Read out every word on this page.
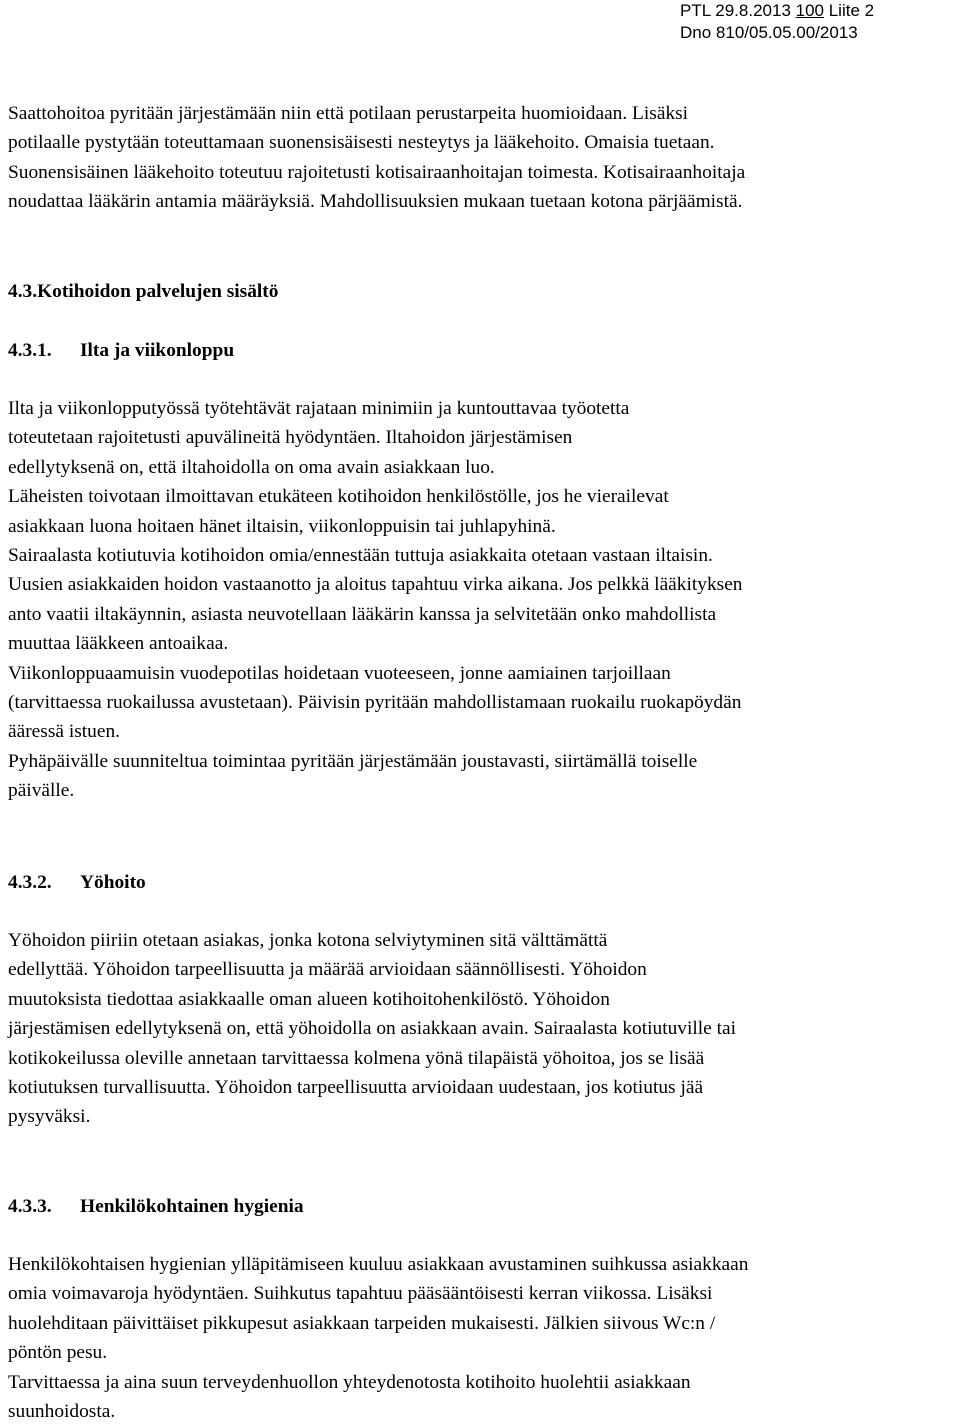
PTL 29.8.2013 100 Liite 2
Dno 810/05.05.00/2013
Saattohoitoa pyritään järjestämään niin että potilaan perustarpeita huomioidaan. Lisäksi
potilaalle pystytään toteuttamaan suonensisäisesti nesteytys ja lääkehoito. Omaisia tuetaan.
Suonensisäinen lääkehoito toteutuu rajoitetusti kotisairaanhoitajan toimesta. Kotisairaanhoitaja
noudattaa lääkärin antamia määräyksiä. Mahdollisuuksien mukaan tuetaan kotona pärjäämistä.
4.3.Kotihoidon palvelujen sisältö
4.3.1. Ilta ja viikonloppu
Ilta ja viikonlopputyössä työtehtävät rajataan minimiin ja kuntouttavaa työotetta
toteutetaan rajoitetusti apuvälineitä hyödyntäen. Iltahoidon järjestämisen
edellytyksenä on, että iltahoidolla on oma avain asiakkaan luo.
Läheisten toivotaan ilmoittavan etukäteen kotihoidon henkilöstölle, jos he vierailevat
asiakkaan luona hoitaen hänet iltaisin, viikonloppuisin tai juhlapyhinä.
Sairaalasta kotiutuvia kotihoidon omia/ennestään tuttuja asiakkaita otetaan vastaan iltaisin.
Uusien asiakkaiden hoidon vastaanotto ja aloitus tapahtuu virka aikana. Jos pelkkä lääkityksen
anto vaatii iltakäynnin, asiasta neuvotellaan lääkärin kanssa ja selvitetään onko mahdollista
muuttaa lääkkeen antoaikaa.
Viikonloppuaamuisin vuodepotilas hoidetaan vuoteeseen, jonne aamiainen tarjoillaan
(tarvittaessa ruokailussa avustetaan). Päivisin pyritään mahdollistamaan ruokailu ruokapöydän
ääressä istuen.
Pyhäpäivälle suunniteltua toimintaa pyritään järjestämään joustavasti, siirtämällä toiselle
päivälle.
4.3.2. Yöhoito
Yöhoidon piiriin otetaan asiakas, jonka kotona selviytyminen sitä välttämättä
edellyttää. Yöhoidon tarpeellisuutta ja määrää arvioidaan säännöllisesti. Yöhoidon
muutoksista tiedottaa asiakkaalle oman alueen kotihoitohenkilöstö. Yöhoidon
järjestämisen edellytyksenä on, että yöhoidolla on asiakkaan avain. Sairaalasta kotiutuville tai
kotikokeilussa oleville annetaan tarvittaessa kolmena yönä tilapäistä yöhoitoa, jos se lisää
kotiutuksen turvallisuutta. Yöhoidon tarpeellisuutta arvioidaan uudestaan, jos kotiutus jää
pysyväksi.
4.3.3. Henkilökohtainen hygienia
Henkilökohtaisen hygienian ylläpitämiseen kuuluu asiakkaan avustaminen suihkussa asiakkaan
omia voimavaroja hyödyntäen. Suihkutus tapahtuu pääsääntöisesti kerran viikossa. Lisäksi
huolehditaan päivittäiset pikkupesut asiakkaan tarpeiden mukaisesti. Jälkien siivous Wc:n /
pöntön pesu.
Tarvittaessa ja aina suun terveydenhuollon yhteydenotosta kotihoito huolehtii asiakkaan
suunhoidosta.
